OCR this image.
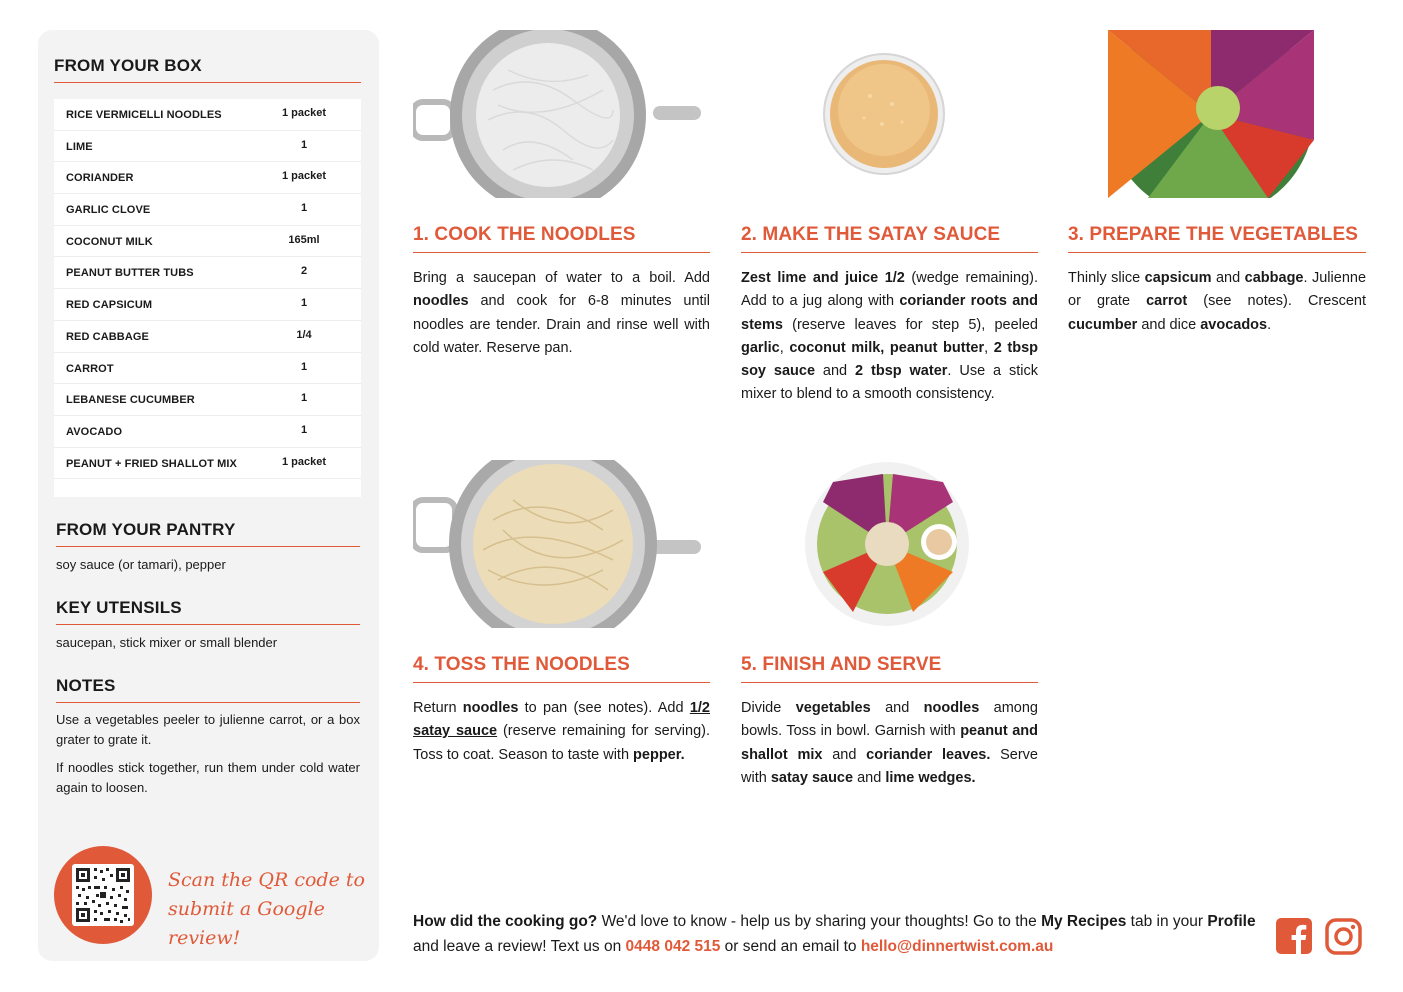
FROM YOUR BOX
RICE VERMICELLI NOODLES	1 packet
LIME	1
CORIANDER	1 packet
GARLIC CLOVE	1
COCONUT MILK	165ml
PEANUT BUTTER TUBS	2
RED CAPSICUM	1
RED CABBAGE	1/4
CARROT	1
LEBANESE CUCUMBER	1
AVOCADO	1
PEANUT + FRIED SHALLOT MIX	1 packet
FROM YOUR PANTRY
soy sauce (or tamari), pepper
KEY UTENSILS
saucepan, stick mixer or small blender
NOTES
Use a vegetables peeler to julienne carrot, or a box grater to grate it.
If noodles stick together, run them under cold water again to loosen.
Scan the QR code to
submit a Google review!
1. COOK THE NOODLES
Bring a saucepan of water to a boil. Add noodles and cook for 6-8 minutes until noodles are tender. Drain and rinse well with cold water. Reserve pan.
2. MAKE THE SATAY SAUCE
Zest lime and juice 1/2 (wedge remaining). Add to a jug along with coriander roots and stems (reserve leaves for step 5), peeled garlic, coconut milk, peanut butter, 2 tbsp soy sauce and 2 tbsp water. Use a stick mixer to blend to a smooth consistency.
3. PREPARE THE VEGETABLES
Thinly slice capsicum and cabbage. Julienne or grate carrot (see notes). Crescent cucumber and dice avocados.
4. TOSS THE NOODLES
Return noodles to pan (see notes). Add 1/2 satay sauce (reserve remaining for serving). Toss to coat. Season to taste with pepper.
5. FINISH AND SERVE
Divide vegetables and noodles among bowls. Toss in bowl. Garnish with peanut and shallot mix and coriander leaves. Serve with satay sauce and lime wedges.
How did the cooking go? We'd love to know - help us by sharing your thoughts! Go to the My Recipes tab in your Profile and leave a review! Text us on 0448 042 515 or send an email to hello@dinnertwist.com.au
